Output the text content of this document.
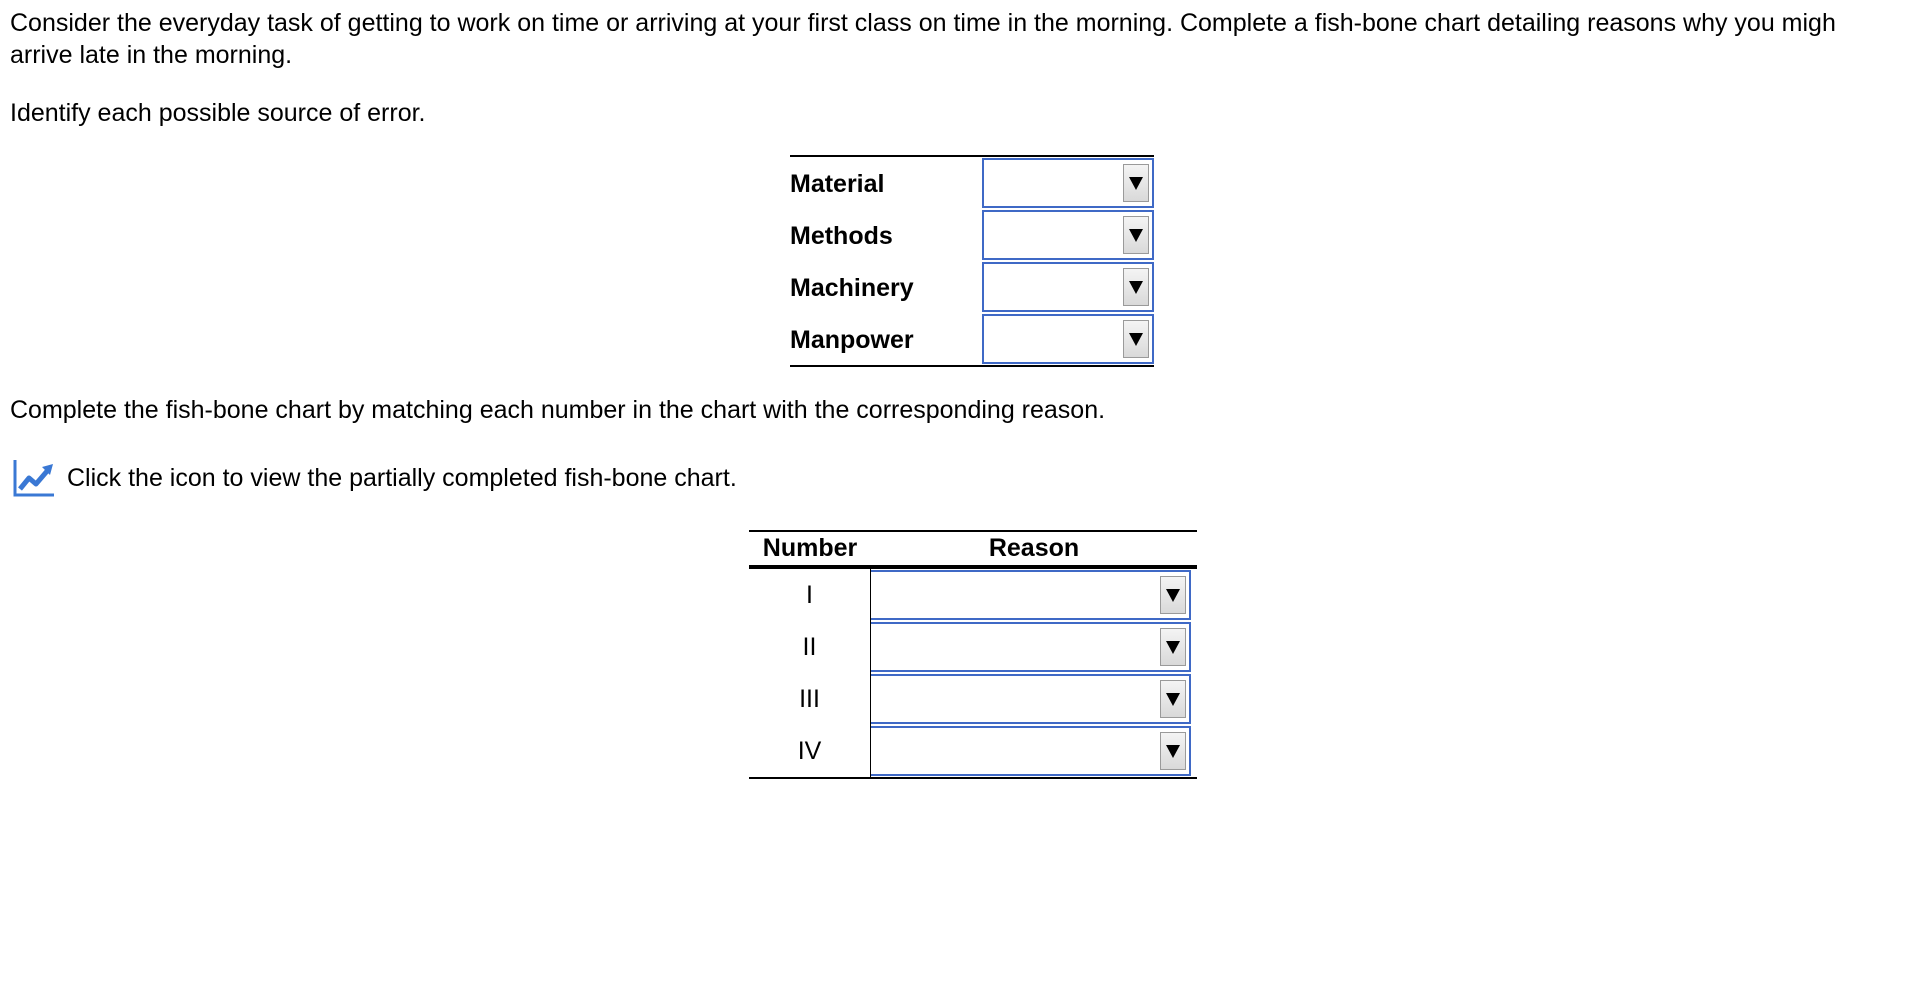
Consider the everyday task of getting to work on time or arriving at your first class on time in the morning. Complete a fish-bone chart detailing reasons why you migh
arrive late in the morning.
Identify each possible source of error.
Material
Methods
Machinery
Manpower
Complete the fish-bone chart by matching each number in the chart with the corresponding reason.
Click the icon to view the partially completed fish-bone chart.
Number	Reason
I
II
III
IV
